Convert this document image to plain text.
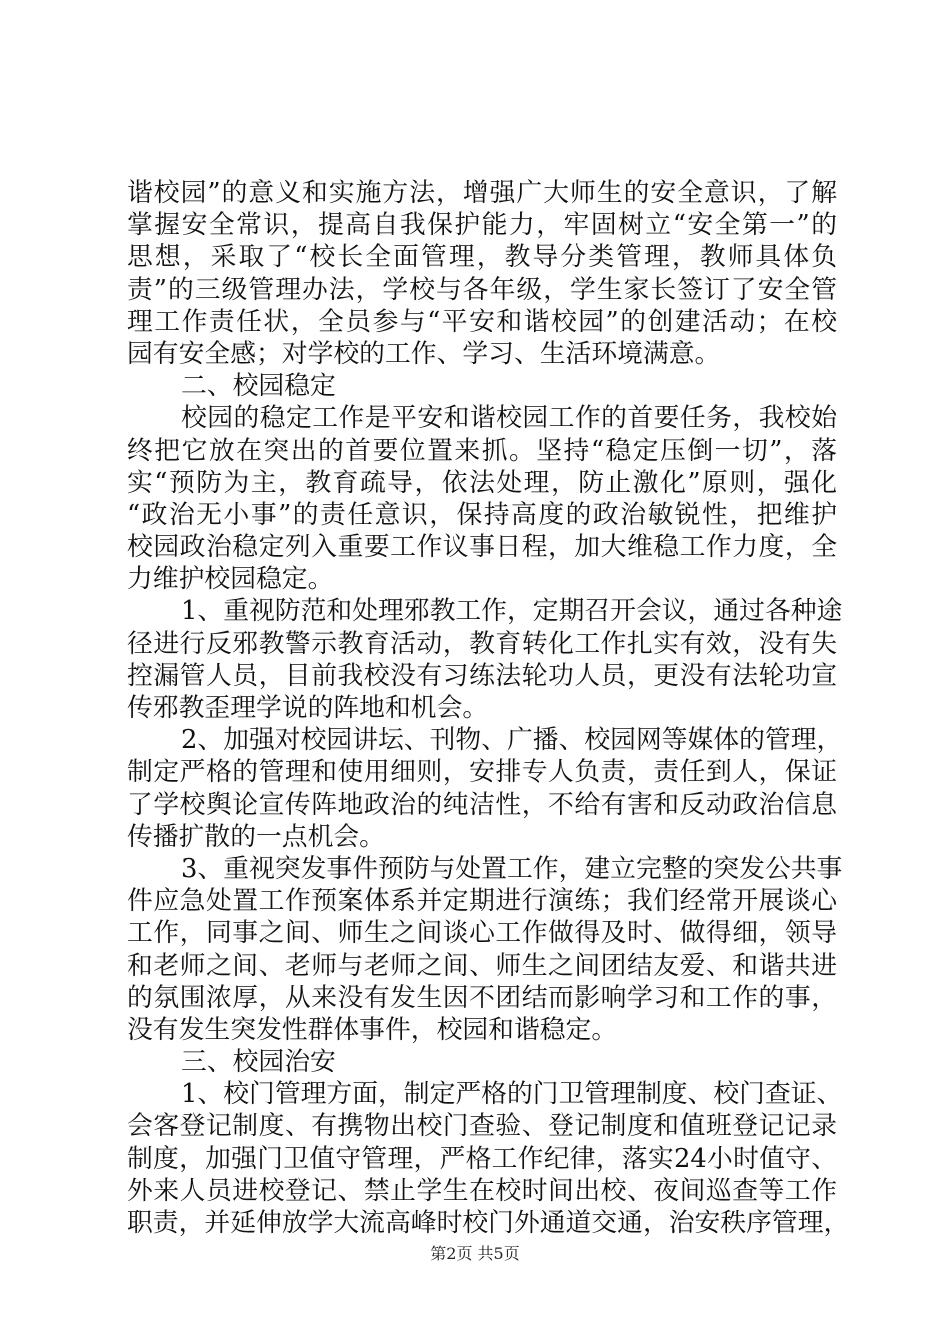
谐校园”的意义和实施方法，增强广大师生的安全意识，了解
掌握安全常识，提高自我保护能力，牢固树立“安全第一”的
思想，采取了“校长全面管理，教导分类管理，教师具体负
责”的三级管理办法，学校与各年级，学生家长签订了安全管
理工作责任状，全员参与“平安和谐校园”的创建活动；在校
园有安全感；对学校的工作、学习、生活环境满意。
二、校园稳定
校园的稳定工作是平安和谐校园工作的首要任务，我校始
终把它放在突出的首要位置来抓。坚持“稳定压倒一切”，落
实“预防为主，教育疏导，依法处理，防止激化”原则，强化
“政治无小事”的责任意识，保持高度的政治敏锐性，把维护
校园政治稳定列入重要工作议事日程，加大维稳工作力度，全
力维护校园稳定。
1、重视防范和处理邪教工作，定期召开会议，通过各种途
径进行反邪教警示教育活动，教育转化工作扎实有效，没有失
控漏管人员，目前我校没有习练法轮功人员，更没有法轮功宣
传邪教歪理学说的阵地和机会。
2、加强对校园讲坛、刊物、广播、校园网等媒体的管理，
制定严格的管理和使用细则，安排专人负责，责任到人，保证
了学校舆论宣传阵地政治的纯洁性，不给有害和反动政治信息
传播扩散的一点机会。
3、重视突发事件预防与处置工作，建立完整的突发公共事
件应急处置工作预案体系并定期进行演练；我们经常开展谈心
工作，同事之间、师生之间谈心工作做得及时、做得细，领导
和老师之间、老师与老师之间、师生之间团结友爱、和谐共进
的氛围浓厚，从来没有发生因不团结而影响学习和工作的事，
没有发生突发性群体事件，校园和谐稳定。
三、校园治安
1、校门管理方面，制定严格的门卫管理制度、校门查证、
会客登记制度、有携物出校门查验、登记制度和值班登记记录
制度，加强门卫值守管理，严格工作纪律，落实24小时值守、
外来人员进校登记、禁止学生在校时间出校、夜间巡查等工作
职责，并延伸放学大流高峰时校门外通道交通，治安秩序管理，
第2页 共5页
